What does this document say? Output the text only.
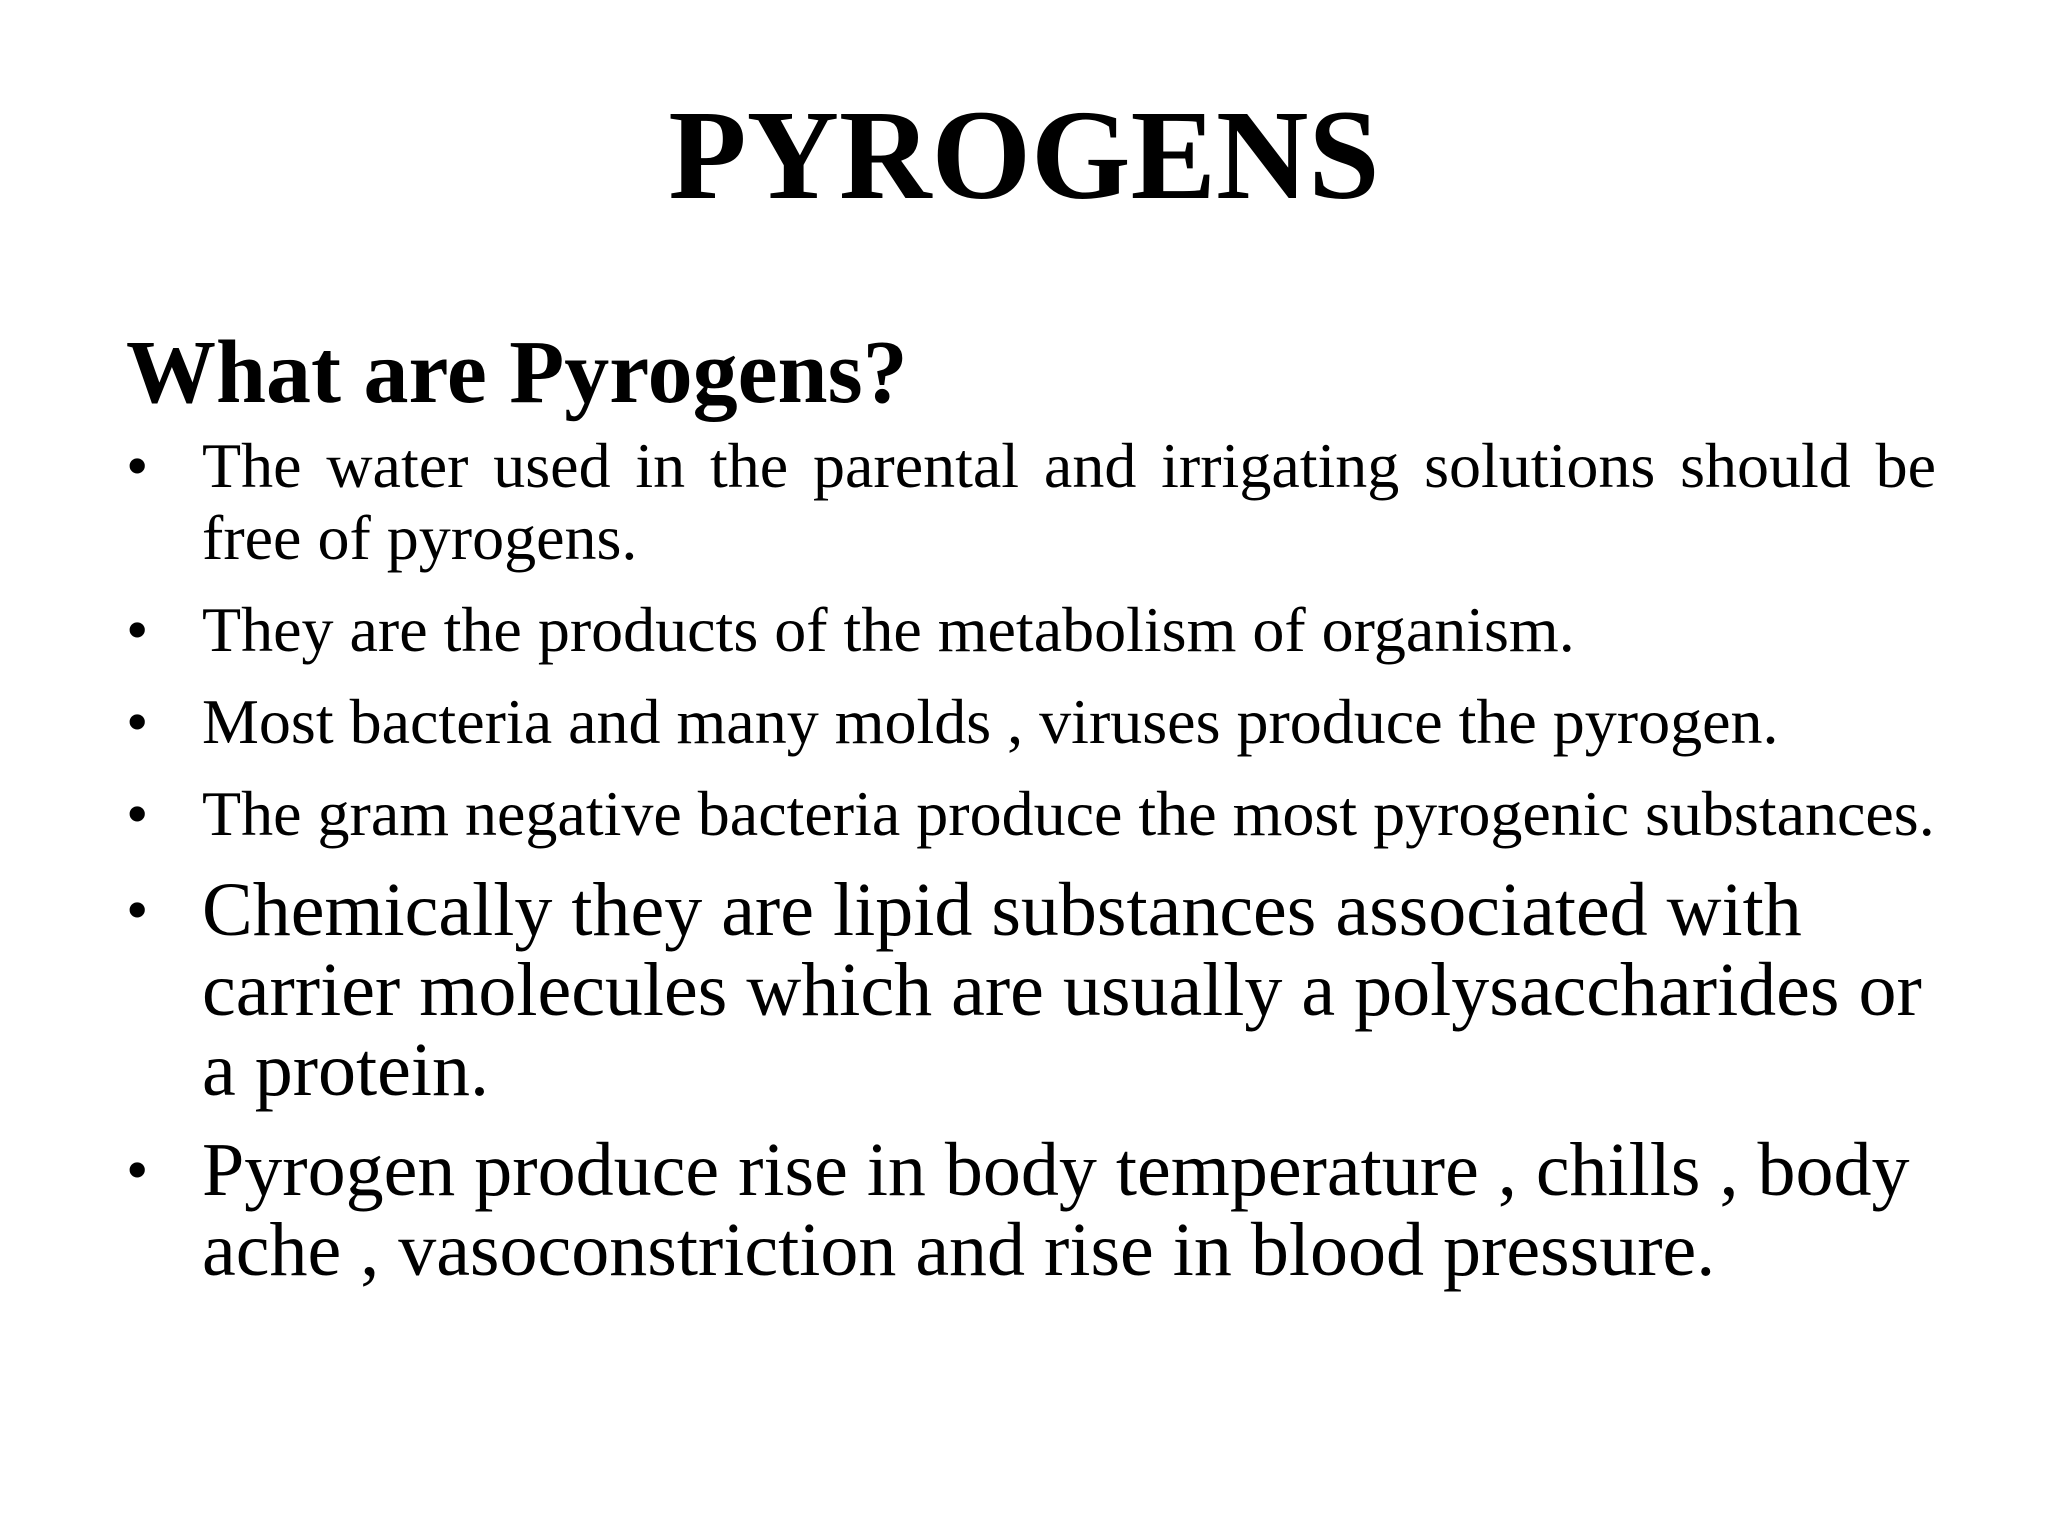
PYROGENS
What are Pyrogens?
• The water used in the parental and irrigating solutions should be free of pyrogens.
• They are the products of the metabolism of organism.
• Most bacteria and many molds , viruses produce the pyrogen.
• The gram negative bacteria produce the most pyrogenic substances.
• Chemically they are lipid substances associated with carrier molecules which are usually a polysaccharides or a protein.
• Pyrogen produce rise in body temperature , chills , body ache , vasoconstriction and rise in blood pressure.
